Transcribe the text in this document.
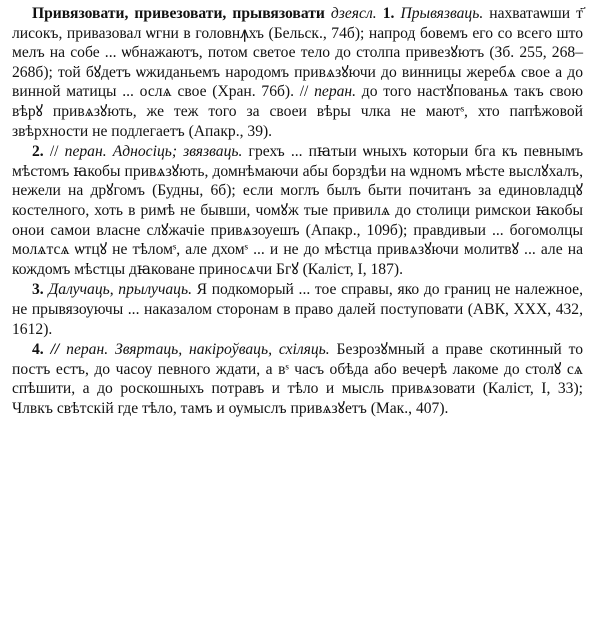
Привязовати, привезовати, прывязовати дзеясл. 1. Прывязваць. нахватаѡши т҃ лисокъ, привазовал ѡгни в головнꙟхъ (Бельск., 74б); напрод бовемъ его со всего што мелъ на собе ... ѡбнажаютъ, потом светое тело до столпа привезꙋютъ (Зб. 255, 268–268б); той бꙋдетъ ѡжиданьемъ народомъ привѧзꙋючи до винницы жеребѧ свое а до винной матицы ... ослѧ свое (Хран. 76б). // перан. до того настꙋпованьѧ такъ свою вѣрꙋ привѧзꙋють, же теж того за своеи вѣры члка не маютˢ, хто папѣжовой звѣрхности не подлегаетъ (Апакр., 39).

2. // перан. Адносіць; звязваць. грехъ ... пꙗтыи ѡныхъ которыи бга къ певнымъ мѣстомъ ꙗкобы привѧзꙋють, домнѣмаючи абы борздѣи на ѡдномъ мѣсте выслꙋхалъ, нежели на дрꙋгомъ (Будны, 6б); если моглъ былъ быти почитанъ за единовладцꙋ костелного, хоть в римѣ не бывши, чомꙋж тые привилѧ до столици римскои ꙗкобы онои самои власне слꙋжачіе привѧзоуешъ (Апакр., 109б); правдивыи ... богомолцы молѧтсѧ ѡтцꙋ не тѣломˢ, але дхомˢ ... и не до мѣстца привѧзꙋючи молитвꙋ ... але на кождомъ мѣстцы дꙗковане приносѧчи Бгꙋ (Каліст, І, 187).

3. Далучаць, прылучаць. Я подкоморый ... тое справы, яко до границ не належное, не прывязоуючы ... наказалом сторонам в право далей поступовати (АВК, XXX, 432, 1612).

4. // перан. Звяртаць, накіроўваць, схіляць. Безрозꙋмный а праве скотинный то постъ естъ, до часоу певного ждати, а вˢ часъ обѣда або вечерѣ лакоме до столꙋ сѧ спѣшити, а до роскошныхъ потравъ и тѣло и мысль привѧзовати (Каліст, І, 33); Члвкъ свѣтскій где тѣло, тамъ и оумыслъ привѧзꙋетъ (Мак., 407).
